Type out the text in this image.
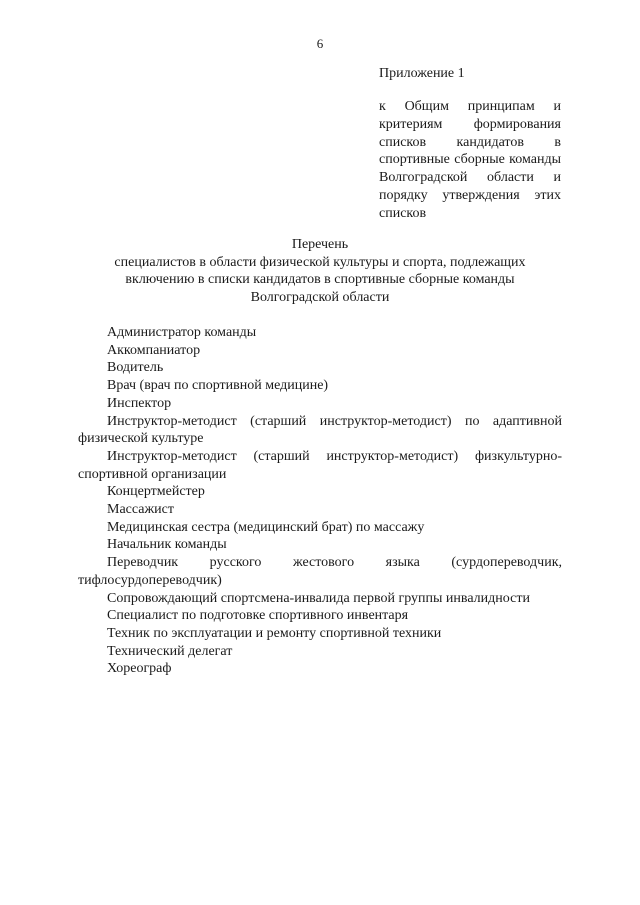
6
Приложение 1
к Общим принципам и критериям формирования списков кандидатов в спортивные сборные команды Волгоградской области и порядку утверждения этих списков
Перечень
специалистов в области физической культуры и спорта, подлежащих
включению в списки кандидатов в спортивные сборные команды
Волгоградской области
Администратор команды
Аккомпаниатор
Водитель
Врач (врач по спортивной медицине)
Инспектор
Инструктор-методист (старший инструктор-методист) по адаптивной физической культуре
Инструктор-методист (старший инструктор-методист) физкультурно-спортивной организации
Концертмейстер
Массажист
Медицинская сестра (медицинский брат) по массажу
Начальник команды
Переводчик русского жестового языка (сурдопереводчик, тифлосурдопереводчик)
Сопровождающий спортсмена-инвалида первой группы инвалидности
Специалист по подготовке спортивного инвентаря
Техник по эксплуатации и ремонту спортивной техники
Технический делегат
Хореограф
